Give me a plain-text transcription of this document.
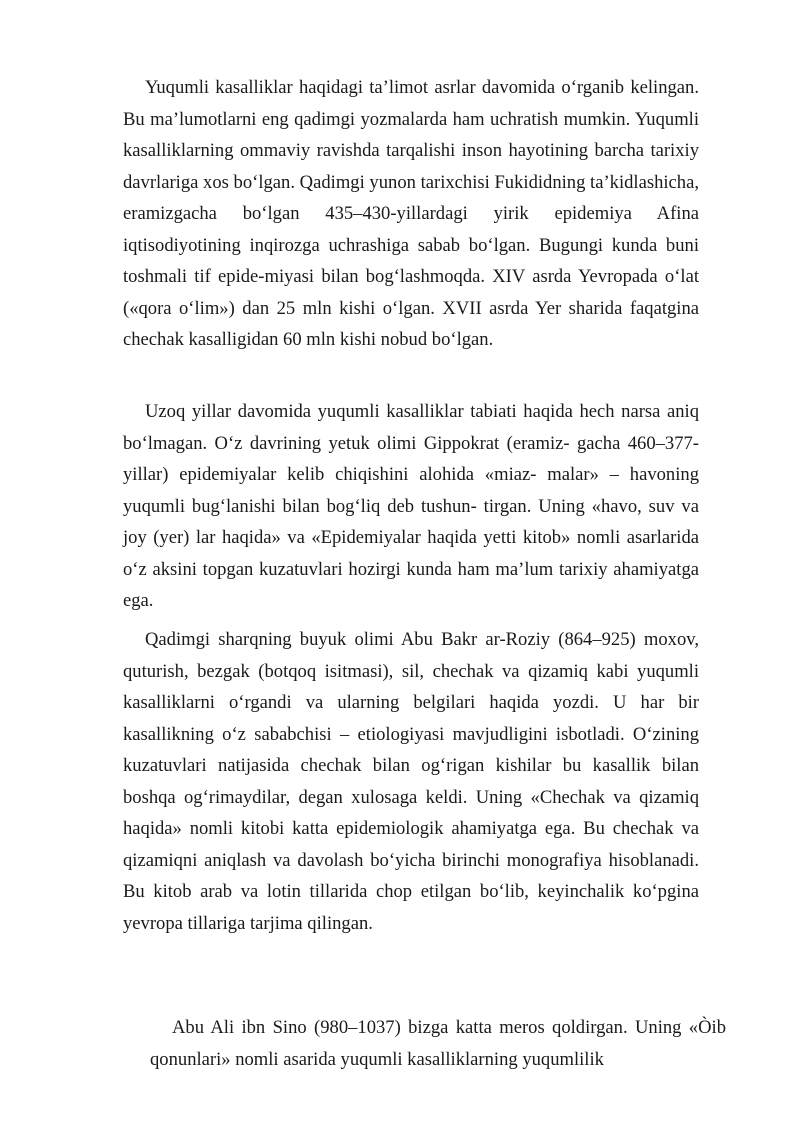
Yuqumli kasalliklar haqidagi ta’limot asrlar davomida o‘rganib kelingan. Bu ma’lumotlarni eng qadimgi yozmalarda ham uchratish mumkin. Yuqumli kasalliklarning ommaviy ravishda tarqalishi inson hayotining barcha tarixiy davrlariga xos bo‘lgan. Qadimgi yunon tarixchisi Fukididning ta’kidlashicha, eramizgacha bo‘lgan 435–430-yillardagi yirik epidemiya Afina iqtisodiyotining inqirozga uchrashiga sabab bo‘lgan. Bugungi kunda buni toshmali tif epide-miyasi bilan bog‘lashmoqda. XIV asrda Yevropada o‘lat («qora o‘lim») dan 25 mln kishi o‘lgan. XVII asrda Yer sharida faqatgina chechak kasalligidan 60 mln kishi nobud bo‘lgan.

Uzoq yillar davomida yuqumli kasalliklar tabiati haqida hech narsa aniq bo‘lmagan. O‘z davrining yetuk olimi Gippokrat (eramiz- gacha 460–377-yillar) epidemiyalar kelib chiqishini alohida «miaz- malar» – havoning yuqumli bug‘lanishi bilan bog‘liq deb tushun- tirgan. Uning «havo, suv va joy (yer) lar haqida» va «Epidemiyalar haqida yetti kitob» nomli asarlarida o‘z aksini topgan kuzatuvlari hozirgi kunda ham ma’lum tarixiy ahamiyatga ega.

Qadimgi sharqning buyuk olimi Abu Bakr ar-Roziy (864–925) moxov, quturish, bezgak (botqoq isitmasi), sil, chechak va qizamiq kabi yuqumli kasalliklarni o‘rgandi va ularning belgilari haqida yozdi. U har bir kasallikning o‘z sababchisi – etiologiyasi mavjudligini isbotladi. O‘zining kuzatuvlari natijasida chechak bilan og‘rigan kishilar bu kasallik bilan boshqa og‘rimaydilar, degan xulosaga keldi. Uning «Chechak va qizamiq haqida» nomli kitobi katta epidemiologik ahamiyatga ega. Bu chechak va qizamiqni aniqlash va davolash bo‘yicha birinchi monografiya hisoblanadi. Bu kitob arab va lotin tillarida chop etilgan bo‘lib, keyinchalik ko‘pgina yevropa tillariga tarjima qilingan.

Abu Ali ibn Sino (980–1037) bizga katta meros qoldirgan. Uning «Òib qonunlari» nomli asarida yuqumli kasalliklarning yuqumlilik
